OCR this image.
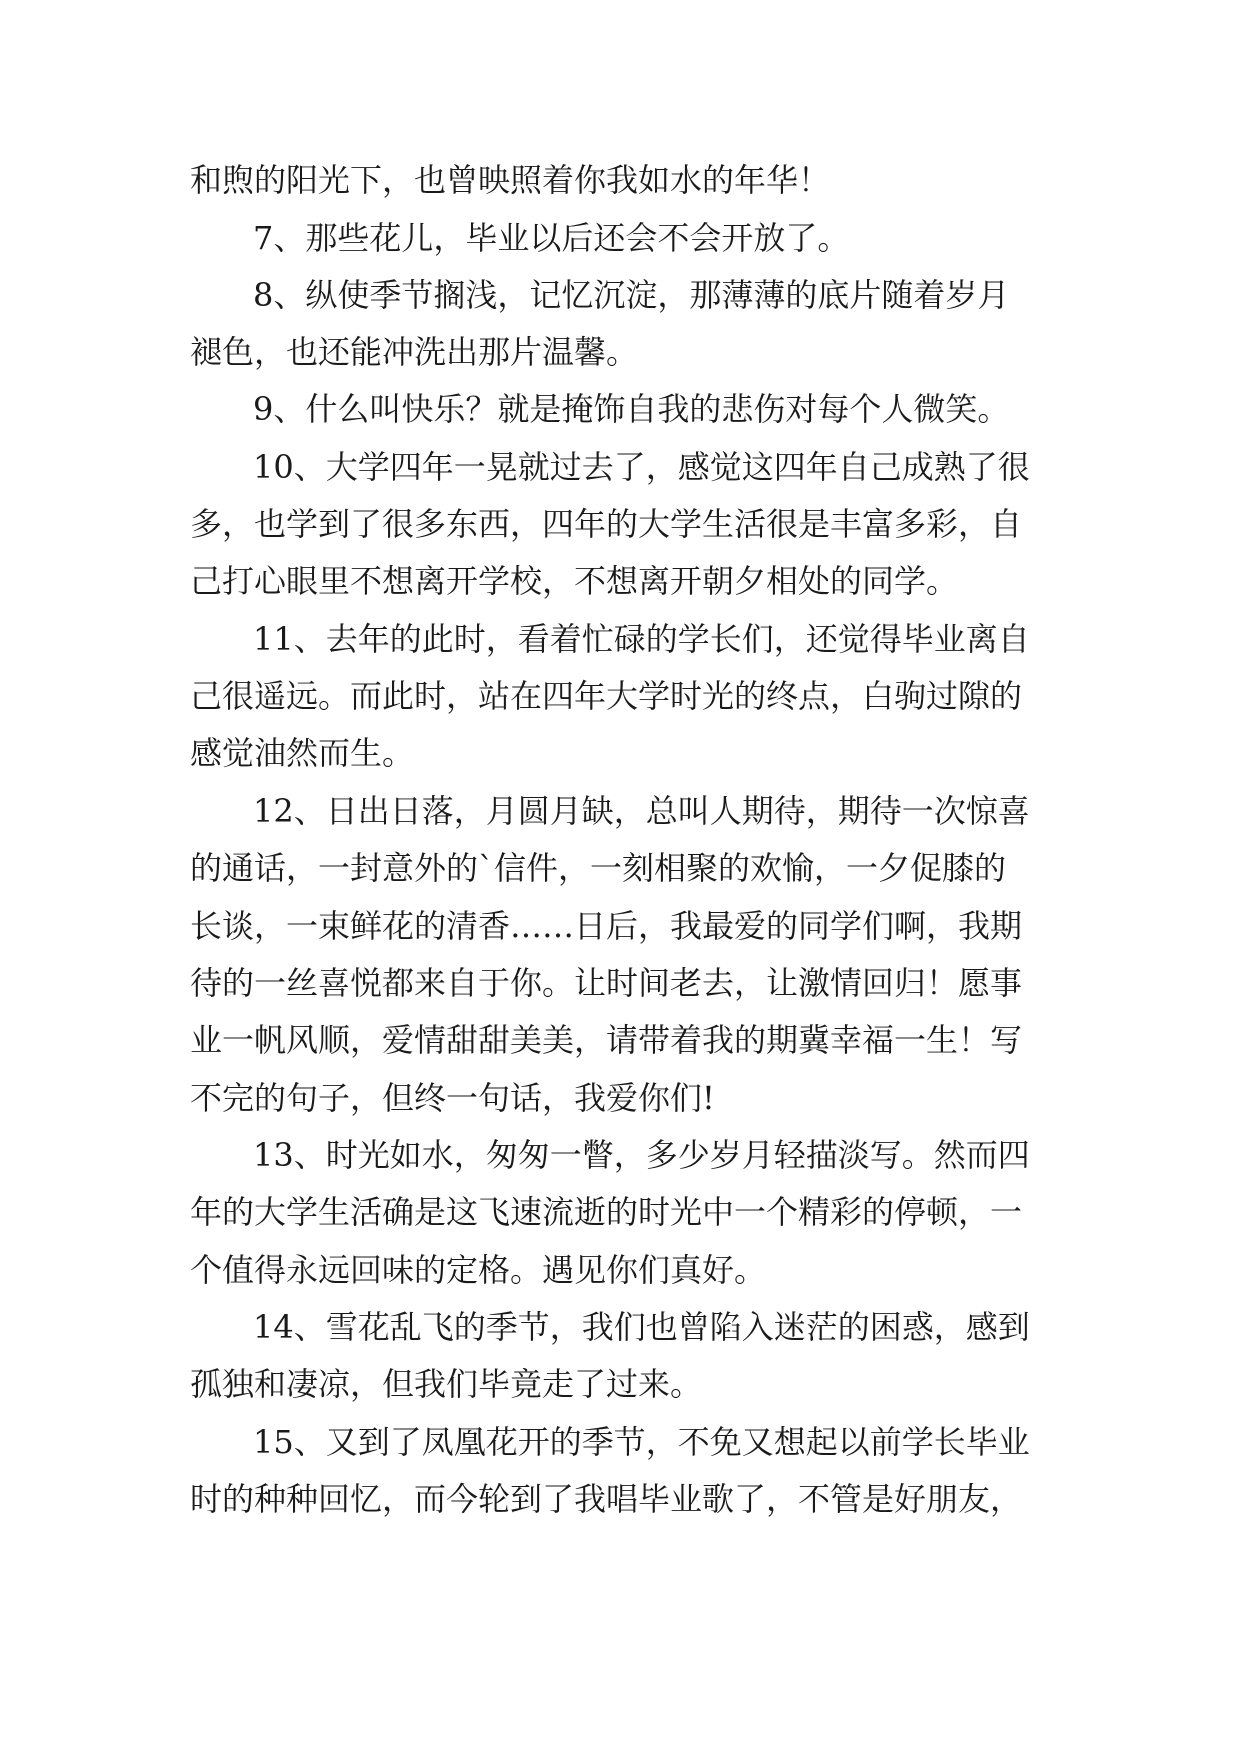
和煦的阳光下，也曾映照着你我如水的年华！
7、那些花儿，毕业以后还会不会开放了。
8、纵使季节搁浅，记忆沉淀，那薄薄的底片随着岁月
褪色，也还能冲洗出那片温馨。
9、什么叫快乐？就是掩饰自我的悲伤对每个人微笑。
10、大学四年一晃就过去了，感觉这四年自己成熟了很
多，也学到了很多东西，四年的大学生活很是丰富多彩，自
己打心眼里不想离开学校，不想离开朝夕相处的同学。
11、去年的此时，看着忙碌的学长们，还觉得毕业离自
己很遥远。而此时，站在四年大学时光的终点，白驹过隙的
感觉油然而生。
12、日出日落，月圆月缺，总叫人期待，期待一次惊喜
的通话，一封意外的`信件，一刻相聚的欢愉，一夕促膝的
长谈，一束鲜花的清香……日后，我最爱的同学们啊，我期
待的一丝喜悦都来自于你。让时间老去，让激情回归！愿事
业一帆风顺，爱情甜甜美美，请带着我的期冀幸福一生！写
不完的句子，但终一句话，我爱你们!
13、时光如水，匆匆一瞥，多少岁月轻描淡写。然而四
年的大学生活确是这飞速流逝的时光中一个精彩的停顿，一
个值得永远回味的定格。遇见你们真好。
14、雪花乱飞的季节，我们也曾陷入迷茫的困惑，感到
孤独和凄凉，但我们毕竟走了过来。
15、又到了凤凰花开的季节，不免又想起以前学长毕业
时的种种回忆，而今轮到了我唱毕业歌了，不管是好朋友，
